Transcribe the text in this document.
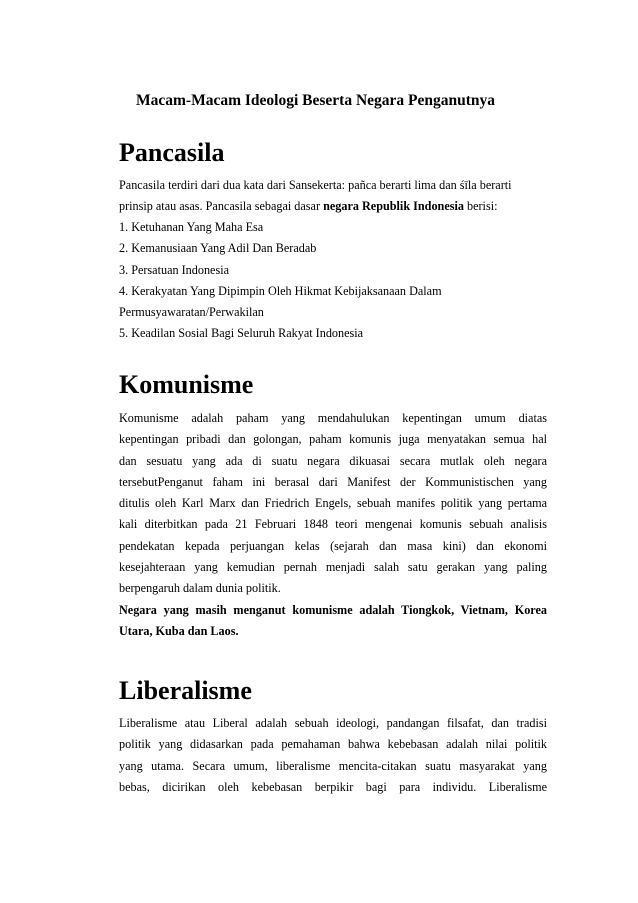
Macam-Macam Ideologi Beserta Negara Penganutnya
Pancasila
Pancasila terdiri dari dua kata dari Sansekerta: pañca berarti lima dan śīla berarti
prinsip atau asas. Pancasila sebagai dasar negara Republik Indonesia berisi:
1. Ketuhanan Yang Maha Esa
2. Kemanusiaan Yang Adil Dan Beradab
3. Persatuan Indonesia
4. Kerakyatan Yang Dipimpin Oleh Hikmat Kebijaksanaan Dalam
Permusyawaratan/Perwakilan
5. Keadilan Sosial Bagi Seluruh Rakyat Indonesia
Komunisme
Komunisme adalah paham yang mendahulukan kepentingan umum diatas
kepentingan pribadi dan golongan, paham komunis juga menyatakan semua hal
dan sesuatu yang ada di suatu negara dikuasai secara mutlak oleh negara
tersebutPenganut faham ini berasal dari Manifest der Kommunistischen yang
ditulis oleh Karl Marx dan Friedrich Engels, sebuah manifes politik yang pertama
kali diterbitkan pada 21 Februari 1848 teori mengenai komunis sebuah analisis
pendekatan kepada perjuangan kelas (sejarah dan masa kini) dan ekonomi
kesejahteraan yang kemudian pernah menjadi salah satu gerakan yang paling
berpengaruh dalam dunia politik.
Negara yang masih menganut komunisme adalah Tiongkok, Vietnam, Korea
Utara, Kuba dan Laos.
Liberalisme
Liberalisme atau Liberal adalah sebuah ideologi, pandangan filsafat, dan tradisi
politik yang didasarkan pada pemahaman bahwa kebebasan adalah nilai politik
yang utama. Secara umum, liberalisme mencita-citakan suatu masyarakat yang
bebas, dicirikan oleh kebebasan berpikir bagi para individu. Liberalisme
